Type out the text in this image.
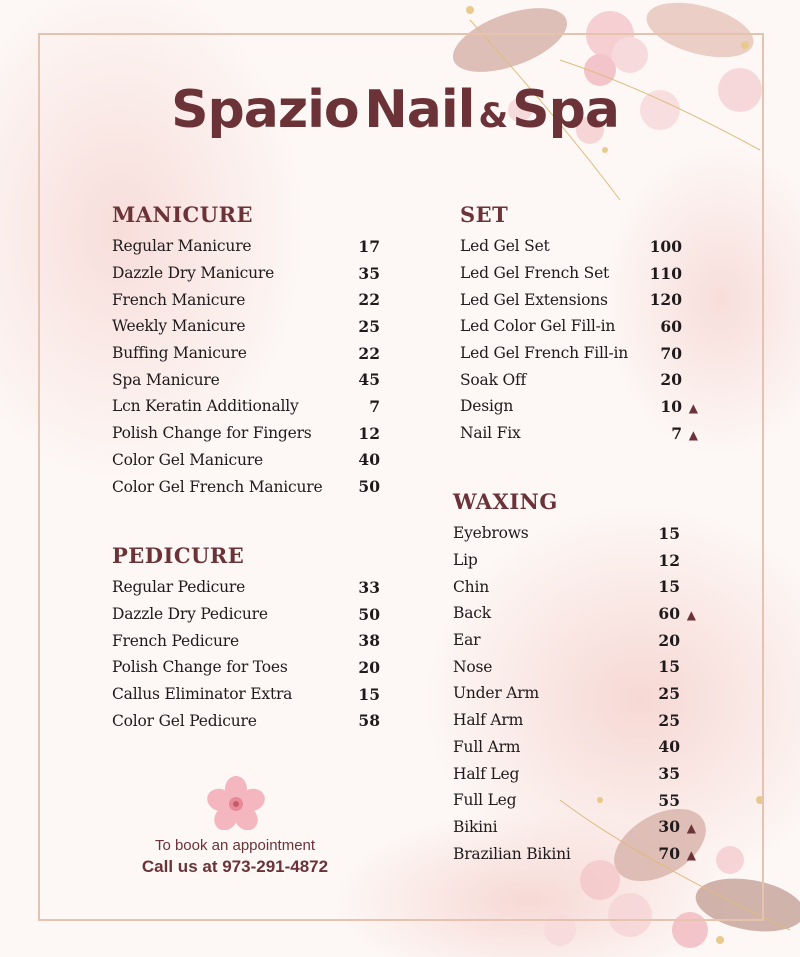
Spazio Nail &Spa
MANICURE
Regular Manicure	17
Dazzle Dry Manicure	35
French Manicure	22
Weekly Manicure	25
Buffing Manicure	22
Spa Manicure	45
Lcn Keratin Additionally	7
Polish Change for Fingers	12
Color Gel Manicure	40
Color Gel French Manicure 50
PEDICURE
Regular Pedicure	33
Dazzle Dry Pedicure	50
French Pedicure	38
Polish Change for Toes	20
Callus Eliminator Extra	15
Color Gel Pedicure	58
SET
Led Gel Set	100
Led Gel French Set	110
Led Gel Extensions	120
Led Color Gel Fill-in	60
Led Gel French Fill-in 70
Soak Off	20
Design	10 ▲
Nail Fix	7 ▲
WAXING
Eyebrows	15
Lip	12
Chin	15
Back	60 ▲
Ear	20
Nose	15
Under Arm	25
Half Arm	25
Full Arm	40
Half Leg	35
Full Leg	55
Bikini	30 ▲
Brazilian Bikini	70 ▲
To book an appointment
Call us at 973-291-4872
